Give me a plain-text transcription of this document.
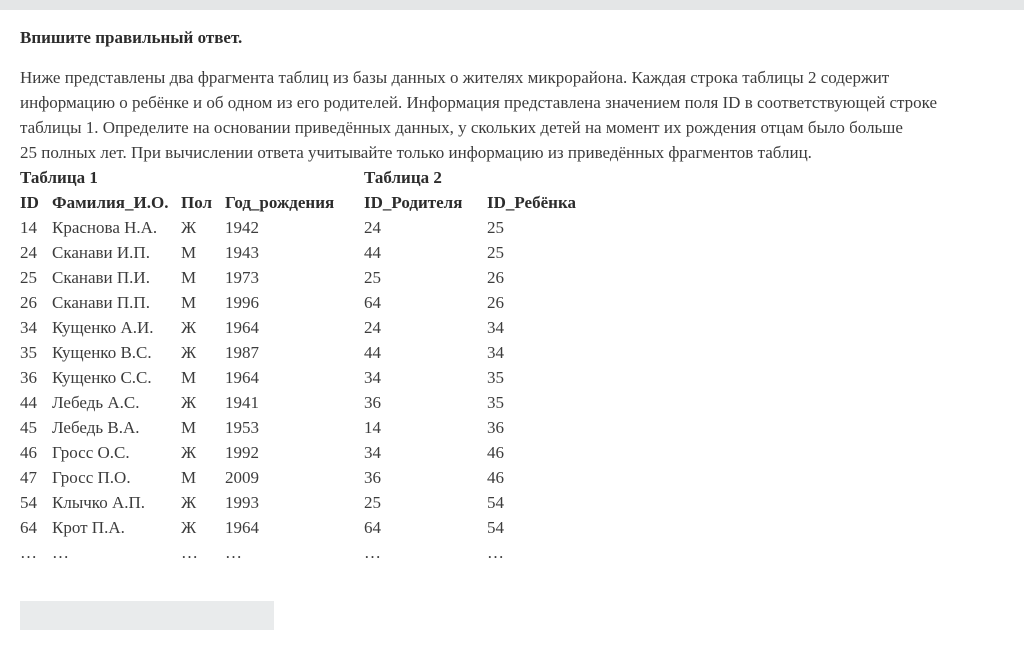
Впишите правильный ответ.
Ниже представлены два фрагмента таблиц из базы данных о жителях микрорайона. Каждая строка таблицы 2 содержит
информацию о ребёнке и об одном из его родителей. Информация представлена значением поля ID в соответствующей строке
таблицы 1. Определите на основании приведённых данных, у скольких детей на момент их рождения отцам было больше
25 полных лет. При вычислении ответа учитывайте только информацию из приведённых фрагментов таблиц.
Таблица 1			
ID	Фамилия_И.О.	Пол	Год_рождения
14	Краснова Н.А.	Ж	1942
24	Сканави И.П.	М	1943
25	Сканави П.И.	М	1973
26	Сканави П.П.	М	1996
34	Кущенко А.И.	Ж	1964
35	Кущенко В.С.	Ж	1987
36	Кущенко С.С.	М	1964
44	Лебедь А.С.	Ж	1941
45	Лебедь В.А.	М	1953
46	Гросс О.С.	Ж	1992
47	Гросс П.О.	М	2009
54	Клычко А.П.	Ж	1993
64	Крот П.А.	Ж	1964
…	…	…	…
Таблица 2	
ID_Родителя	ID_Ребёнка
24	25
44	25
25	26
64	26
24	34
44	34
34	35
36	35
14	36
34	46
36	46
25	54
64	54
…	…
